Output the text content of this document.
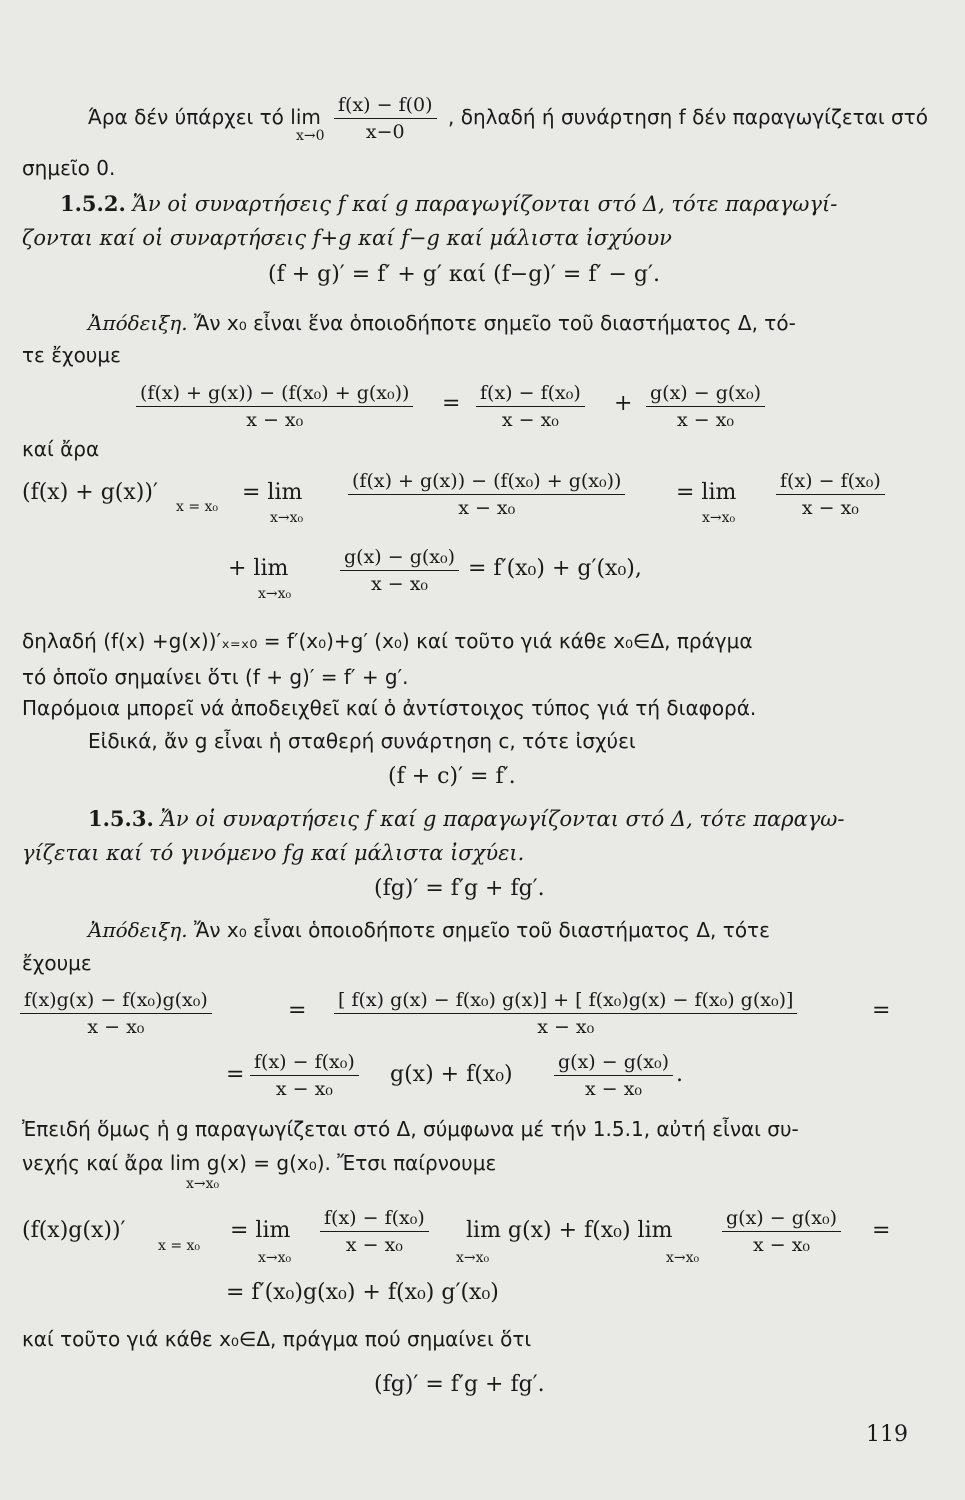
Άρα δέν ύπάρχει τό $\lim \frac{f(x) - f(0)}{x-0}$
x→0
, δηλαδή ή συνάρτηση f δέν παραγωγίζεται στό
σημεῖο 0.
1.5.2. Ἄν οἱ συναρτήσεις f καί g παραγωγίζονται στό Δ, τότε παραγωγί-
ζονται καί οἱ συναρτήσεις f+g καί f−g καί μάλιστα ἰσχύουν
(f + g)′ = f′ + g′ καί (f−g)′ = f′ − g′.
Ἀπόδειξη. Ἄν x₀ εἶναι ἕνα ὁποιοδήποτε σημεῖο τοῦ διαστήματος Δ, τό-
τε ἔχουμε
$\frac{\text{(f(x) + g(x)) − (f(x₀) + g(x₀))}}{\text{x − x₀}} = \frac{\text{f(x) − f(x₀)}}{\text{x − x₀}} + \frac{\text{g(x) − g(x₀)}}{\text{x − x₀}}$
καί ἄρα
(f(x) + g(x))′
x = x₀
= lim
$x\to x_0 \frac{\text{(f(x) + g(x)) − (f(x₀) + g(x₀))}}{\text{x − x₀}} = \lim$
$x\to x_0 \frac{\text{f(x) − f(x₀)}}{\text{x − x₀}}$
+ lim
x→x₀	$\frac{\text{g(x) − g(x₀)}}{\text{x − x₀}} = f'(x_0) + g'(x_0)$,
δηλαδή (f(x) +g(x))′ₓ₌ₓ₀ = f′(x₀)+g′ (x₀) καί τοῦτο γιά κάθε x₀∈Δ, πράγμα
τό ὁποῖο σημαίνει ὅτι (f + g)′ = f′ + g′.
Παρόμοια μπορεῖ νά ἀποδειχθεῖ καί ὁ ἀντίστοιχος τύπος γιά τή διαφορά.
Εἰδικά, ἄν g εἶναι ἡ σταθερή συνάρτηση c, τότε ἰσχύει
(f + c)′ = f′.
1.5.3. Ἄν οἱ συναρτήσεις f καί g παραγωγίζονται στό Δ, τότε παραγω-
γίζεται καί τό γινόμενο fg καί μάλιστα ἰσχύει.
(fg)′ = f′g + fg′.
Ἀπόδειξη. Ἄν x₀ εἶναι ὁποιοδήποτε σημεῖο τοῦ διαστήματος Δ, τότε
ἔχουμε
$\frac{\text{f(x)g(x) − f(x₀)g(x₀)}}{\text{x − x₀}}$	= $\frac{\text{[ f(x) g(x) − f(x₀) g(x)] + [ f(x₀)g(x) − f(x₀) g(x₀)]}}{\text{x − x₀}}$	=
= $\frac{\text{f(x) − f(x₀)}}{\text{x − x₀}} g(x) + f(x_0) \frac{\text{g(x) − g(x₀)}}{\text{x − x₀}}$ .
Ἐπειδή ὅμως ἡ g παραγωγίζεται στό Δ, σύμφωνα μέ τήν 1.5.1, αὐτή εἶναι συ-
νεχής καί ἄρα lim g(x) = g(x₀). Ἔτσι παίρνουμε
x→x₀
(f(x)g(x))′
x = x₀
= lim
x→x₀
$\frac{\text{f(x) − f(x₀)}}{\text{x − x₀}}$ lim g(x) + f(x₀) lim
x→x₀	x→x₀
$\frac{\text{g(x) − g(x₀)}}{\text{x − x₀}}$ =
= f′(x₀)g(x₀) + f(x₀) g′(x₀)
καί τοῦτο γιά κάθε x₀∈Δ, πράγμα πού σημαίνει ὅτι
(fg)′ = f′g + fg′.
119
